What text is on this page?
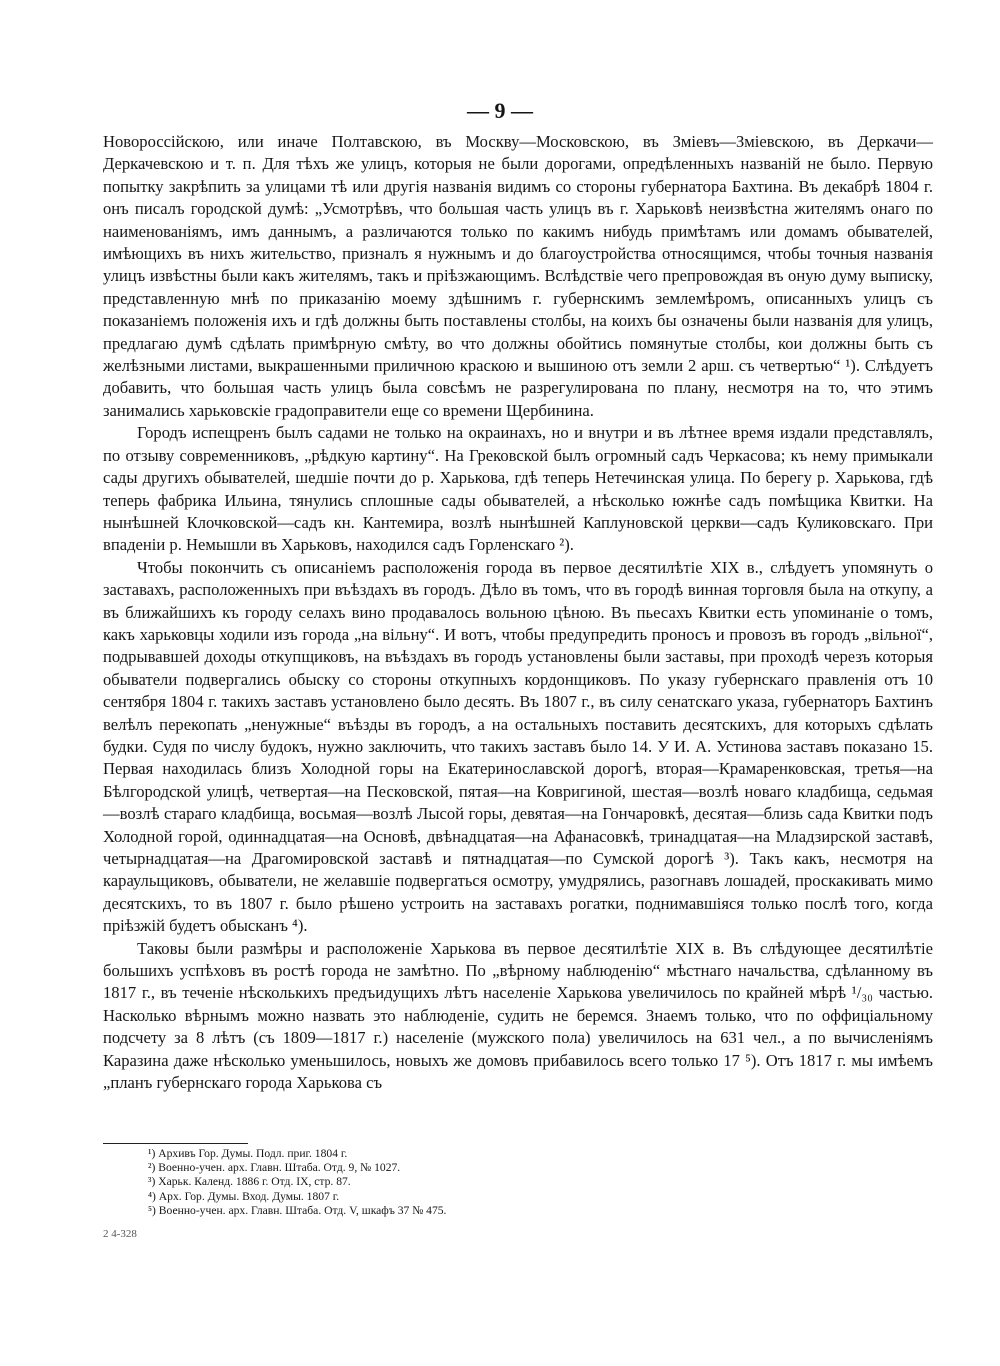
— 9 —

Новороссійскою, или иначе Полтавскою, въ Москву—Московскою, въ Зміевъ—Зміевскою, въ Деркачи—Деркачевскою и т. п. Для тѣхъ же улицъ, которыя не были дорогами, опредѣленныхъ названій не было. Первую попытку закрѣпить за улицами тѣ или другія названія видимъ со стороны губернатора Бахтина. Въ декабрѣ 1804 г. онъ писалъ городской думѣ: „Усмотрѣвъ, что большая часть улицъ въ г. Харьковѣ неизвѣстна жителямъ онаго по наименованіямъ, имъ даннымъ, а различаются только по какимъ нибудь примѣтамъ или домамъ обывателей, имѣющихъ въ нихъ жительство, призналъ я нужнымъ и до благоустройства относящимся, чтобы точныя названія улицъ извѣстны были какъ жителямъ, такъ и пріѣзжающимъ. Вслѣдствіе чего препровождая въ оную думу выписку, представленную мнѣ по приказанію моему здѣшнимъ г. губернскимъ землемѣромъ, описанныхъ улицъ съ показаніемъ положенія ихъ и гдѣ должны быть поставлены столбы, на коихъ бы означены были названія для улицъ, предлагаю думѣ сдѣлать примѣрную смѣту, во что должны обойтись помянутые столбы, кои должны быть съ желѣзными листами, выкрашенными приличною краскою и вышиною отъ земли 2 арш. съ четвертью“ ¹). Слѣдуетъ добавить, что большая часть улицъ была совсѣмъ не разрегулирована по плану, несмотря на то, что этимъ занимались харьковскіе градоправители еще со времени Щербинина.

Городъ испещренъ былъ садами не только на окраинахъ, но и внутри и въ лѣтнее время издали представлялъ, по отзыву современниковъ, „рѣдкую картину“. На Грековской былъ огромный садъ Черкасова; къ нему примыкали сады другихъ обывателей, шедшіе почти до р. Харькова, гдѣ теперь Нетечинская улица. По берегу р. Харькова, гдѣ теперь фабрика Ильина, тянулись сплошные сады обывателей, а нѣсколько южнѣе садъ помѣщика Квитки. На нынѣшней Клочковской—садъ кн. Кантемира, возлѣ нынѣшней Каплуновской церкви—садъ Куликовскаго. При впаденіи р. Немышли въ Харьковъ, находился садъ Горленскаго ²).

Чтобы покончить съ описаніемъ расположенія города въ первое десятилѣтіе XIX в., слѣдуетъ упомянуть о заставахъ, расположенныхъ при въѣздахъ въ городъ. Дѣло въ томъ, что въ городѣ винная торговля была на откупу, а въ ближайшихъ къ городу селахъ вино продавалось вольною цѣною. Въ пьесахъ Квитки есть упоминаніе о томъ, какъ харьковцы ходили изъ города „на вільну“. И вотъ, чтобы предупредить проносъ и провозъ въ городъ „вільної“, подрывавшей доходы откупщиковъ, на въѣздахъ въ городъ установлены были заставы, при проходѣ черезъ которыя обыватели подвергались обыску со стороны откупныхъ кордонщиковъ. По указу губернскаго правленія отъ 10 сентября 1804 г. такихъ заставъ установлено было десять. Въ 1807 г., въ силу сенатскаго указа, губернаторъ Бахтинъ велѣлъ перекопать „ненужные“ въѣзды въ городъ, а на остальныхъ поставить десятскихъ, для которыхъ сдѣлать будки. Судя по числу будокъ, нужно заключить, что такихъ заставъ было 14. У И. А. Устинова заставъ показано 15. Первая находилась близъ Холодной горы на Екатеринославской дорогѣ, вторая—Крамаренковская, третья—на Бѣлгородской улицѣ, четвертая—на Песковской, пятая—на Ковригиной, шестая—возлѣ новаго кладбища, седьмая—возлѣ стараго кладбища, восьмая—возлѣ Лысой горы, девятая—на Гончаровкѣ, десятая—близь сада Квитки подъ Холодной горой, одиннадцатая—на Основѣ, двѣнадцатая—на Афанасовкѣ, тринадцатая—на Младзирской заставѣ, четырнадцатая—на Драгомировской заставѣ и пятнадцатая—по Сумской дорогѣ ³). Такъ какъ, несмотря на караульщиковъ, обыватели, не желавшіе подвергаться осмотру, умудрялись, разогнавъ лошадей, проскакивать мимо десятскихъ, то въ 1807 г. было рѣшено устроить на заставахъ рогатки, поднимавшіяся только послѣ того, когда пріѣзжій будетъ обысканъ ⁴).

Таковы были размѣры и расположеніе Харькова въ первое десятилѣтіе XIX в. Въ слѣдующее десятилѣтіе большихъ успѣховъ въ ростѣ города не замѣтно. По „вѣрному наблюденію“ мѣстнаго начальства, сдѣланному въ 1817 г., въ теченіе нѣсколькихъ предъидущихъ лѣтъ населеніе Харькова увеличилось по крайней мѣрѣ ¹/₃₀ частью. Насколько вѣрнымъ можно назвать это наблюденіе, судить не беремся. Знаемъ только, что по оффиціальному подсчету за 8 лѣтъ (съ 1809—1817 г.) населеніе (мужского пола) увеличилось на 631 чел., а по вычисленіямъ Каразина даже нѣсколько уменьшилось, новыхъ же домовъ прибавилось всего только 17 ⁵). Отъ 1817 г. мы имѣемъ „планъ губернскаго города Харькова съ

¹) Архивъ Гор. Думы. Подл. приг. 1804 г.
²) Военно-учен. арх. Главн. Штаба. Отд. 9, № 1027.
³) Харьк. Календ. 1886 г. Отд. IX, стр. 87.
⁴) Арх. Гор. Думы. Вход. Думы. 1807 г.
⁵) Военно-учен. арх. Главн. Штаба. Отд. V, шкафъ 37 № 475.
2 4-328
